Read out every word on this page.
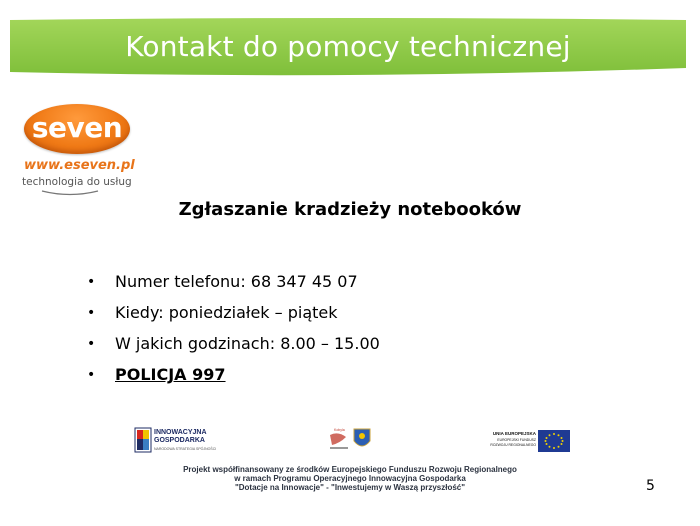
Kontakt do pomocy technicznej
seven
www.eseven.pl
technologia do usług
Zgłaszanie kradzieży notebooków
•	Numer telefonu: 68 347 45 07
•	Kiedy: poniedziałek – piątek
•	W jakich godzinach: 8.00 – 15.00
•	POLICJA 997
INNOWACYJNA
GOSPODARKA
NARODOWA STRATEGIA SPÓJNOŚCI
Kobyla
UNIA EUROPEJSKA
EUROPEJSKI FUNDUSZ
ROZWOJU REGIONALNEGO
Projekt współfinansowany ze środków Europejskiego Funduszu Rozwoju Regionalnego
w ramach Programu Operacyjnego Innowacyjna Gospodarka
"Dotacje na Innowacje" - "Inwestujemy w Waszą przyszłość"	5
